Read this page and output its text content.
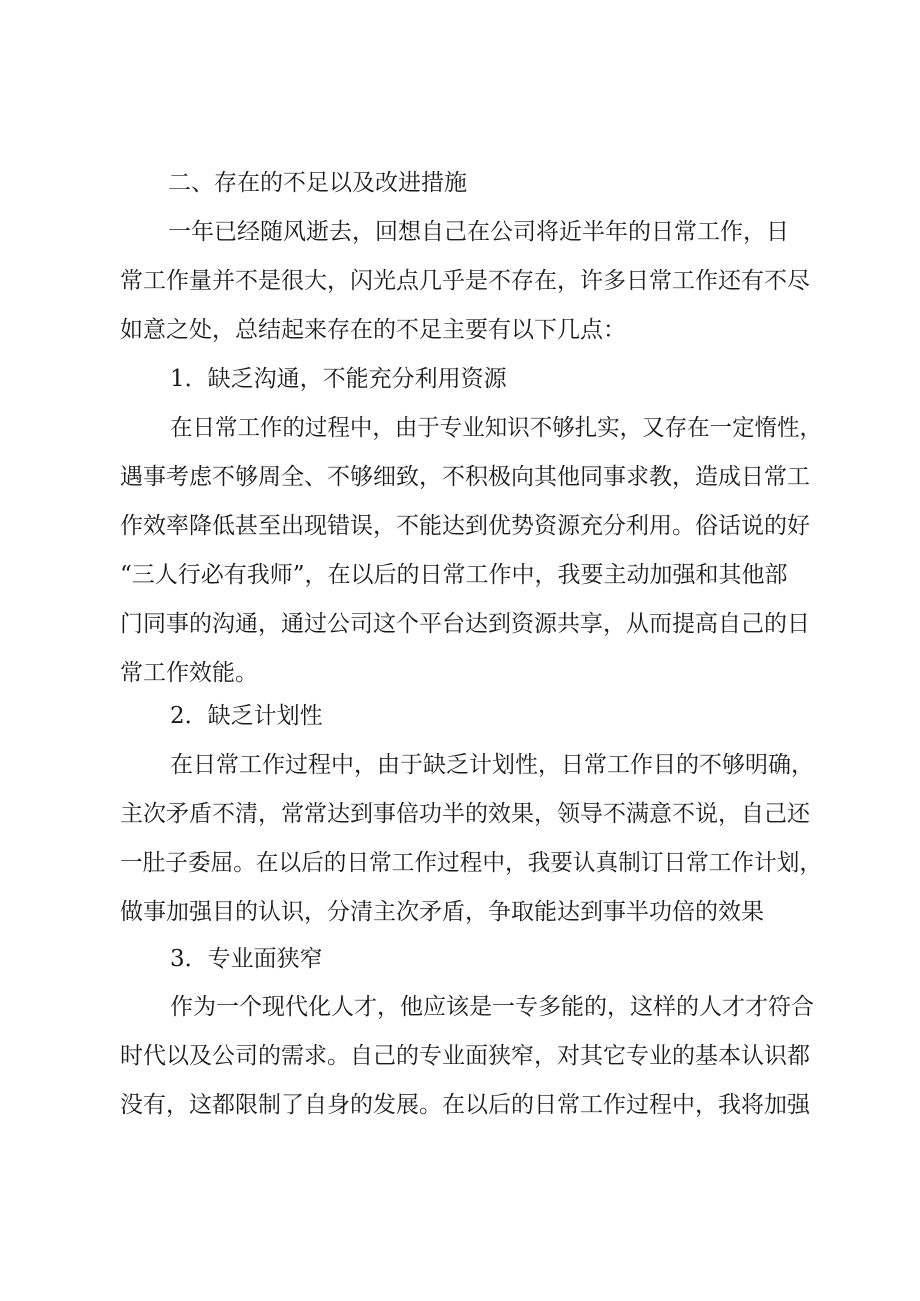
二、存在的不足以及改进措施

一年已经随风逝去，回想自己在公司将近半年的日常工作，日
常工作量并不是很大，闪光点几乎是不存在，许多日常工作还有不尽
如意之处，总结起来存在的不足主要有以下几点：

1．缺乏沟通，不能充分利用资源

在日常工作的过程中，由于专业知识不够扎实，又存在一定惰性，
遇事考虑不够周全、不够细致，不积极向其他同事求教，造成日常工
作效率降低甚至出现错误，不能达到优势资源充分利用。俗话说的好
“三人行必有我师”，在以后的日常工作中，我要主动加强和其他部
门同事的沟通，通过公司这个平台达到资源共享，从而提高自己的日
常工作效能。

2．缺乏计划性

在日常工作过程中，由于缺乏计划性，日常工作目的不够明确，
主次矛盾不清，常常达到事倍功半的效果，领导不满意不说，自己还
一肚子委屈。在以后的日常工作过程中，我要认真制订日常工作计划，
做事加强目的认识，分清主次矛盾，争取能达到事半功倍的效果

3．专业面狭窄

作为一个现代化人才，他应该是一专多能的，这样的人才才符合
时代以及公司的需求。自己的专业面狭窄，对其它专业的基本认识都
没有，这都限制了自身的发展。在以后的日常工作过程中，我将加强
